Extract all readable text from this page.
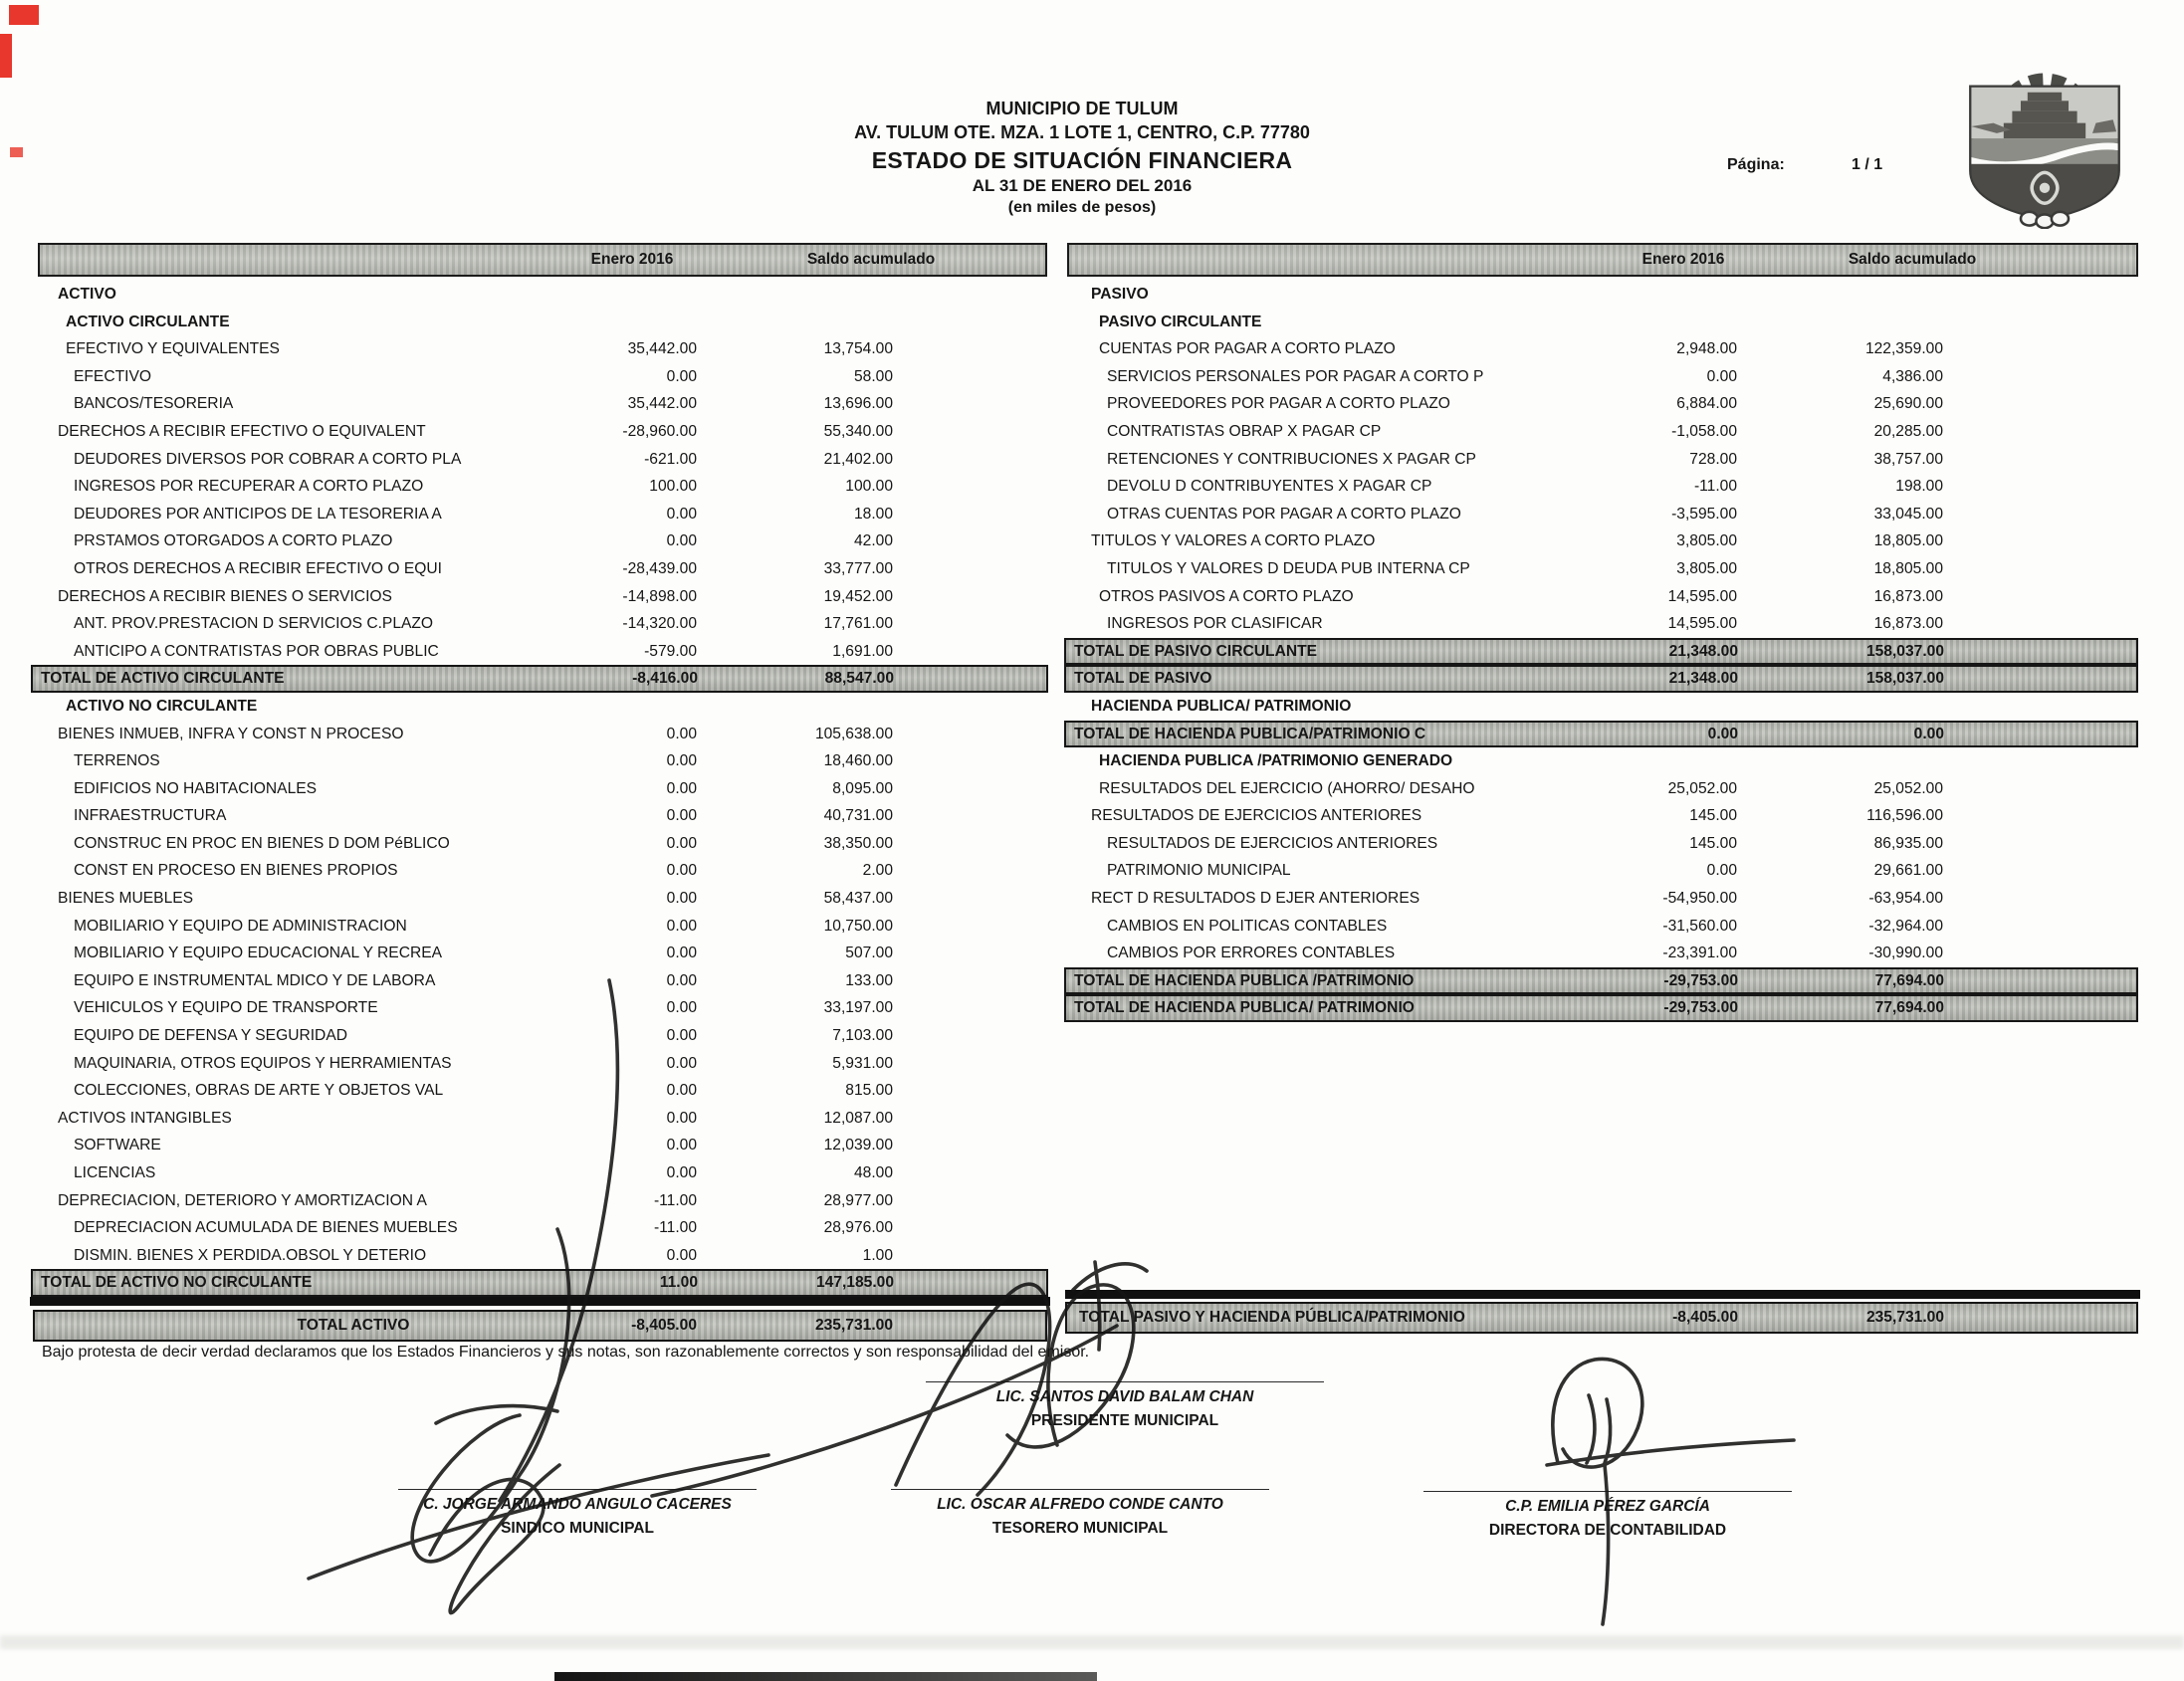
MUNICIPIO DE TULUM
AV. TULUM OTE. MZA. 1 LOTE 1, CENTRO, C.P. 77780
ESTADO DE SITUACIÓN FINANCIERA
AL 31 DE ENERO DEL 2016
(en miles de pesos)
Página:	1 / 1
Enero 2016	Saldo acumulado	Enero 2016	Saldo acumulado
ACTIVO
ACTIVO CIRCULANTE
EFECTIVO Y EQUIVALENTES	35,442.00	13,754.00
EFECTIVO	0.00	58.00
BANCOS/TESORERIA	35,442.00	13,696.00
DERECHOS A RECIBIR EFECTIVO O EQUIVALENT	-28,960.00	55,340.00
DEUDORES DIVERSOS POR COBRAR A CORTO PLA	-621.00	21,402.00
INGRESOS POR RECUPERAR A CORTO PLAZO	100.00	100.00
DEUDORES POR ANTICIPOS DE LA TESORERIA A	0.00	18.00
PRSTAMOS OTORGADOS A CORTO PLAZO	0.00	42.00
OTROS DERECHOS A RECIBIR EFECTIVO O EQUI	-28,439.00	33,777.00
DERECHOS A RECIBIR BIENES O SERVICIOS	-14,898.00	19,452.00
ANT. PROV.PRESTACION D SERVICIOS C.PLAZO	-14,320.00	17,761.00
ANTICIPO A CONTRATISTAS POR OBRAS PUBLIC	-579.00	1,691.00
TOTAL DE ACTIVO CIRCULANTE	-8,416.00	88,547.00
ACTIVO NO CIRCULANTE
BIENES INMUEB, INFRA Y CONST N PROCESO	0.00	105,638.00
TERRENOS	0.00	18,460.00
EDIFICIOS NO HABITACIONALES	0.00	8,095.00
INFRAESTRUCTURA	0.00	40,731.00
CONSTRUC EN PROC EN BIENES D DOM PéBLICO	0.00	38,350.00
CONST EN PROCESO EN BIENES PROPIOS	0.00	2.00
BIENES MUEBLES	0.00	58,437.00
MOBILIARIO Y EQUIPO DE ADMINISTRACION	0.00	10,750.00
MOBILIARIO Y EQUIPO EDUCACIONAL Y RECREA	0.00	507.00
EQUIPO E INSTRUMENTAL MDICO Y DE LABORA	0.00	133.00
VEHICULOS Y EQUIPO DE TRANSPORTE	0.00	33,197.00
EQUIPO DE DEFENSA Y SEGURIDAD	0.00	7,103.00
MAQUINARIA, OTROS EQUIPOS Y HERRAMIENTAS	0.00	5,931.00
COLECCIONES, OBRAS DE ARTE Y OBJETOS VAL	0.00	815.00
ACTIVOS INTANGIBLES	0.00	12,087.00
SOFTWARE	0.00	12,039.00
LICENCIAS	0.00	48.00
DEPRECIACION, DETERIORO Y AMORTIZACION A	-11.00	28,977.00
DEPRECIACION ACUMULADA DE BIENES MUEBLES	-11.00	28,976.00
DISMIN. BIENES X PERDIDA.OBSOL Y DETERIO	0.00	1.00
TOTAL DE ACTIVO NO CIRCULANTE	11.00	147,185.00
PASIVO
PASIVO CIRCULANTE
CUENTAS POR PAGAR A CORTO PLAZO	2,948.00	122,359.00
SERVICIOS PERSONALES POR PAGAR A CORTO P	0.00	4,386.00
PROVEEDORES POR PAGAR A CORTO PLAZO	6,884.00	25,690.00
CONTRATISTAS OBRAP X PAGAR CP	-1,058.00	20,285.00
RETENCIONES Y CONTRIBUCIONES X PAGAR CP	728.00	38,757.00
DEVOLU D CONTRIBUYENTES X PAGAR CP	-11.00	198.00
OTRAS CUENTAS POR PAGAR A CORTO PLAZO	-3,595.00	33,045.00
TITULOS Y VALORES A CORTO PLAZO	3,805.00	18,805.00
TITULOS Y VALORES D DEUDA PUB INTERNA CP	3,805.00	18,805.00
OTROS PASIVOS A CORTO PLAZO	14,595.00	16,873.00
INGRESOS POR CLASIFICAR	14,595.00	16,873.00
TOTAL DE PASIVO CIRCULANTE	21,348.00	158,037.00
TOTAL DE PASIVO	21,348.00	158,037.00
HACIENDA PUBLICA/ PATRIMONIO
TOTAL DE HACIENDA PUBLICA/PATRIMONIO C	0.00	0.00
HACIENDA PUBLICA /PATRIMONIO GENERADO
RESULTADOS DEL EJERCICIO (AHORRO/ DESAHO	25,052.00	25,052.00
RESULTADOS DE EJERCICIOS ANTERIORES	145.00	116,596.00
RESULTADOS DE EJERCICIOS ANTERIORES	145.00	86,935.00
PATRIMONIO MUNICIPAL	0.00	29,661.00
RECT D RESULTADOS D EJER ANTERIORES	-54,950.00	-63,954.00
CAMBIOS EN POLITICAS CONTABLES	-31,560.00	-32,964.00
CAMBIOS POR ERRORES CONTABLES	-23,391.00	-30,990.00
TOTAL DE HACIENDA PUBLICA /PATRIMONIO	-29,753.00	77,694.00
TOTAL DE HACIENDA PUBLICA/ PATRIMONIO	-29,753.00	77,694.00
TOTAL ACTIVO	-8,405.00	235,731.00	TOTAL PASIVO Y HACIENDA PÚBLICA/PATRIMONIO	-8,405.00	235,731.00
Bajo protesta de decir verdad declaramos que los Estados Financieros y sus notas, son razonablemente correctos y son responsabilidad del emisor.
LIC. SANTOS DAVID BALAM CHAN
PRESIDENTE MUNICIPAL
C. JORGE ARMANDO ANGULO CACERES
SINDICO MUNICIPAL
LIC. OSCAR ALFREDO CONDE CANTO
TESORERO MUNICIPAL
C.P. EMILIA PÉREZ GARCÍA
DIRECTORA DE CONTABILIDAD
